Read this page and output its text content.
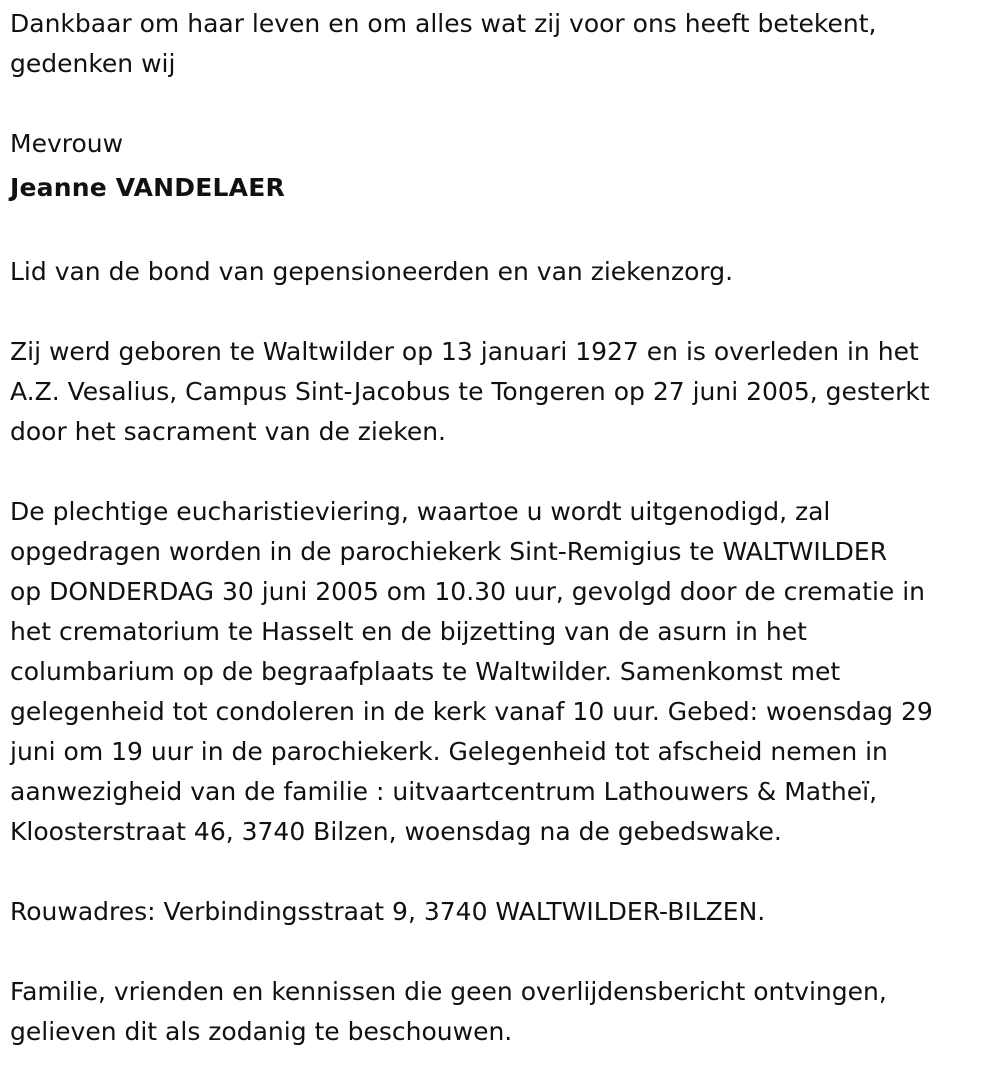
Dankbaar om haar leven en om alles wat zij voor ons heeft betekent,

gedenken wij

Mevrouw

Jeanne VANDELAER

Lid van de bond van gepensioneerden en van ziekenzorg.

Zij werd geboren te Waltwilder op 13 januari 1927 en is overleden in het

A.Z. Vesalius, Campus Sint-Jacobus te Tongeren op 27 juni 2005, gesterkt

door het sacrament van de zieken.

De plechtige eucharistieviering, waartoe u wordt uitgenodigd, zal

opgedragen worden in de parochiekerk Sint-Remigius te WALTWILDER

op DONDERDAG 30 juni 2005 om 10.30 uur, gevolgd door de crematie in

het crematorium te Hasselt en de bijzetting van de asurn in het

columbarium op de begraafplaats te Waltwilder. Samenkomst met

gelegenheid tot condoleren in de kerk vanaf 10 uur. Gebed: woensdag 29

juni om 19 uur in de parochiekerk. Gelegenheid tot afscheid nemen in

aanwezigheid van de familie : uitvaartcentrum Lathouwers & Matheï,

Kloosterstraat 46, 3740 Bilzen, woensdag na de gebedswake.

Rouwadres: Verbindingsstraat 9, 3740 WALTWILDER-BILZEN.

Familie, vrienden en kennissen die geen overlijdensbericht ontvingen,

gelieven dit als zodanig te beschouwen.
